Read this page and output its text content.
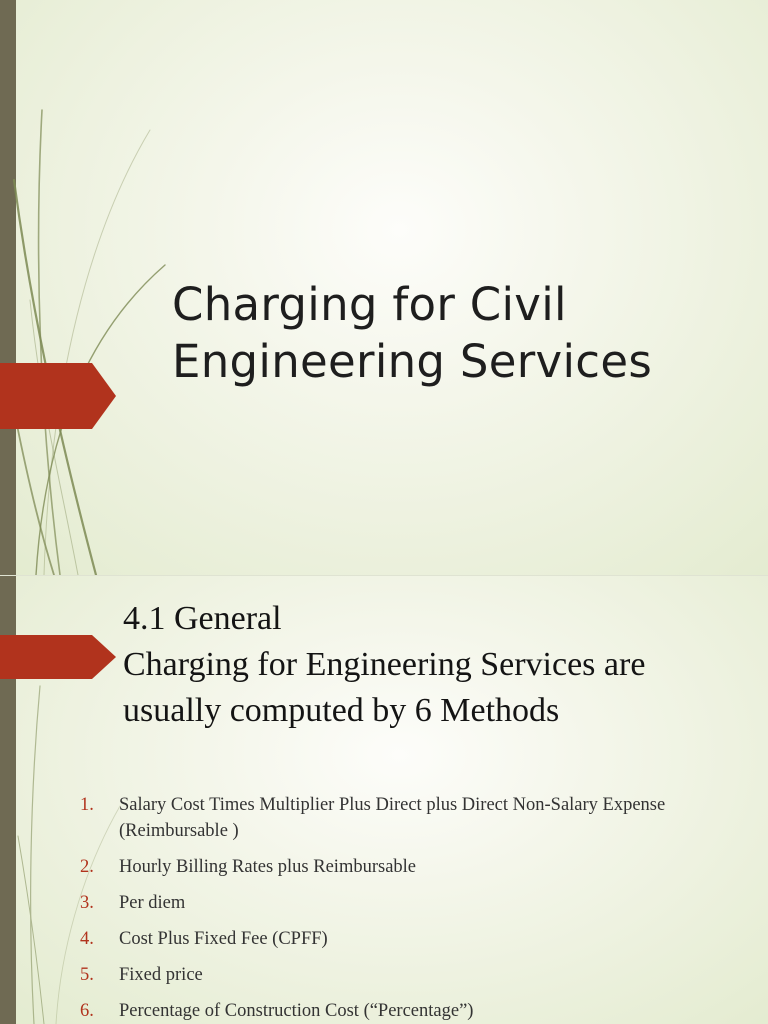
Charging for Civil
Engineering Services
4.1 General
Charging for Engineering Services are
usually computed by 6 Methods
1. Salary Cost Times Multiplier Plus Direct plus Direct Non-Salary Expense (Reimbursable )
2. Hourly Billing Rates plus Reimbursable
3. Per diem
4. Cost Plus Fixed Fee (CPFF)
5. Fixed price
6. Percentage of Construction Cost (“Percentage”)
